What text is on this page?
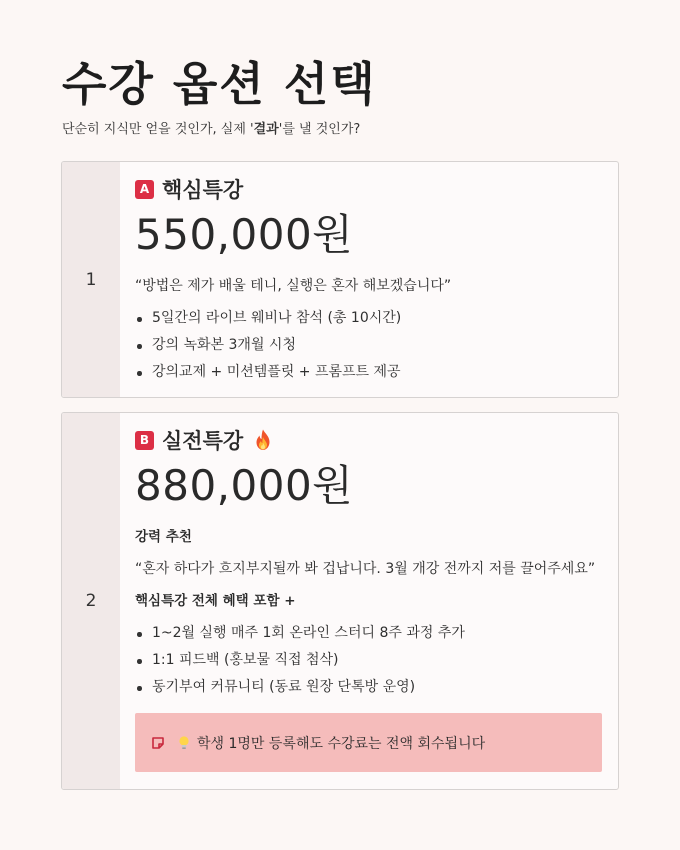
수강 옵션 선택
단순히 지식만 얻을 것인가, 실제 '결과'를 낼 것인가?
1
A 핵심특강
550,000원
“방법은 제가 배울 테니, 실행은 혼자 해보겠습니다”
5일간의 라이브 웨비나 참석 (총 10시간)
강의 녹화본 3개월 시청
강의교제 + 미션템플릿 + 프롬프트 제공
2
B 실전특강
880,000원
강력 추천
“혼자 하다가 흐지부지될까 봐 겁납니다. 3월 개강 전까지 저를 끌어주세요”
핵심특강 전체 혜택 포함 +
1~2월 실행 매주 1회 온라인 스터디 8주 과정 추가
1:1 피드백 (홍보물 직접 첨삭)
동기부여 커뮤니티 (동료 원장 단톡방 운영)
학생 1명만 등록해도 수강료는 전액 회수됩니다
